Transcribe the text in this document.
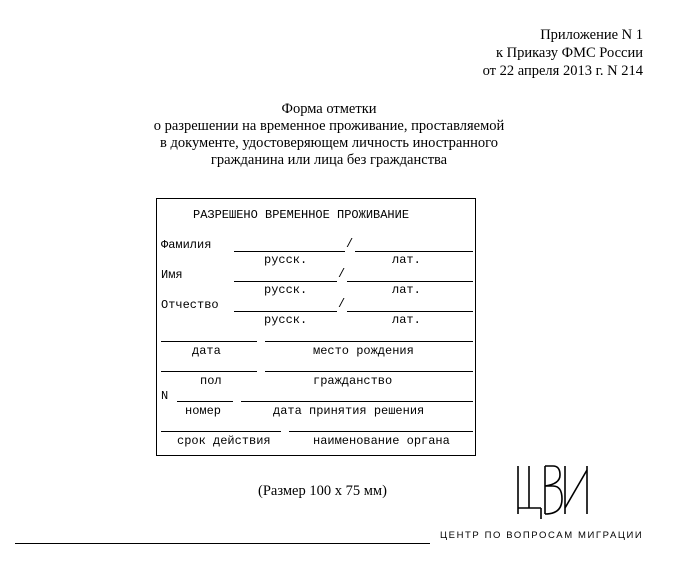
Приложение N 1
к Приказу ФМС России
от 22 апреля 2013 г. N 214
Форма отметки
о разрешении на временное проживание, проставляемой
в документе, удостоверяющем личность иностранного
гражданина или лица без гражданства
РАЗРЕШЕНО ВРЕМЕННОЕ ПРОЖИВАНИЕ
Фамилия	/
русск.	лат.
Имя	/
русск.	лат.
Отчество	/
русск.	лат.
дата	место рождения
пол	гражданство
N
номер	дата принятия решения
срок действия	наименование органа
(Размер 100 х 75 мм)
ЦЕНТР ПО ВОПРОСАМ МИГРАЦИИ
